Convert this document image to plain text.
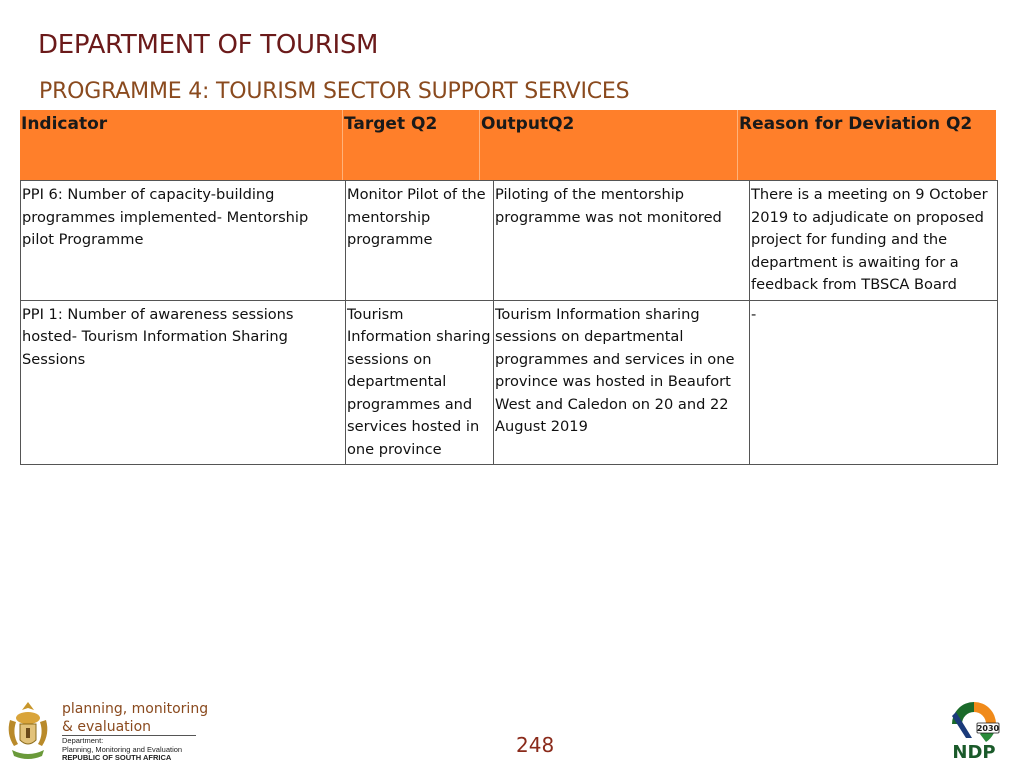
DEPARTMENT OF TOURISM
PROGRAMME 4: TOURISM SECTOR SUPPORT SERVICES
Indicator	Target Q2	OutputQ2	Reason for Deviation Q2
PPI 6: Number of capacity-building programmes implemented- Mentorship pilot Programme	Monitor Pilot of the mentorship programme	Piloting of the mentorship programme was not monitored	There is a meeting on 9 October 2019 to adjudicate on proposed project for funding and the department is awaiting for a feedback from TBSCA Board
PPI 1: Number of awareness sessions hosted- Tourism Information Sharing Sessions	Tourism Information sharing sessions on departmental programmes and services hosted in one province	Tourism Information sharing sessions on departmental programmes and services in one province was hosted in Beaufort West and Caledon on 20 and 22 August 2019	-
planning, monitoring
& evaluation
Department:
Planning, Monitoring and Evaluation
REPUBLIC OF SOUTH AFRICA
248
2030
NDP
